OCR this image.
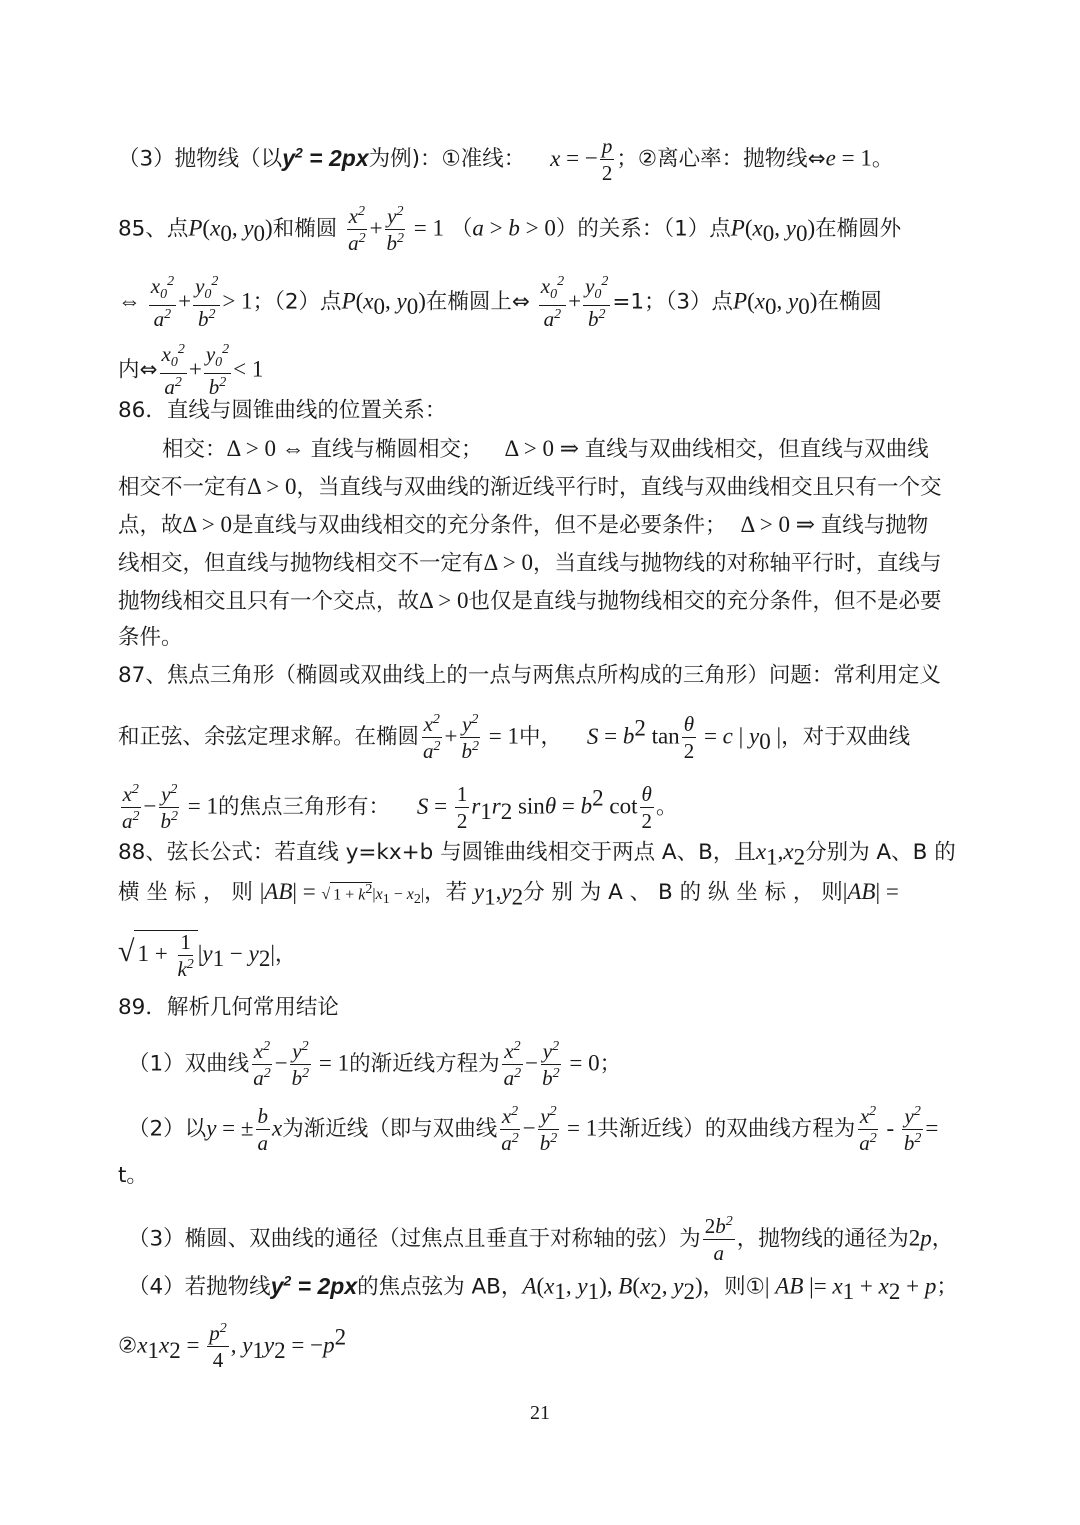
（3）抛物线（以$y^2 = 2px$为例)：①准线： x = − $\frac{p}{2}$ ；②离心率：抛物线⇔e = 1。
85、点$P(x_0$, $y_0$)和椭圆 $\frac{x^2}{a^2} + \frac{y^2}{b^2} = 1$ （a > b > 0）的关系：（1）点$P(x_0$, $y_0$)在椭圆外
⇔ $\frac{x_0^2}{a^2} + \frac{y_0^2}{b^2} > 1$；（2）点$P(x_0$, $y_0$)在椭圆上⇔ $\frac{x_0^2}{a^2} + \frac{y_0^2}{b^2} =1$；（3）点$P(x_0$, $y_0$)在椭圆
内⇔ $\frac{x_0^2}{a^2} + \frac{y_0^2}{b^2} < 1$
86．直线与圆锥曲线的位置关系：
相交：Δ > 0 ⇔ 直线与椭圆相交； Δ > 0 ⇒ 直线与双曲线相交，但直线与双曲线
相交不一定有Δ > 0，当直线与双曲线的渐近线平行时，直线与双曲线相交且只有一个交
点，故Δ > 0是直线与双曲线相交的充分条件，但不是必要条件； Δ > 0 ⇒ 直线与抛物
线相交，但直线与抛物线相交不一定有Δ > 0，当直线与抛物线的对称轴平行时，直线与
抛物线相交且只有一个交点，故Δ > 0也仅是直线与抛物线相交的充分条件，但不是必要
条件。
87、焦点三角形（椭圆或双曲线上的一点与两焦点所构成的三角形）问题：常利用定义
和正弦、余弦定理求解。在椭圆 $\frac{x^2}{a^2} + \frac{y^2}{b^2} = 1$中， $S = b^2$ $\tan \frac{\theta}{2} = c$ | $y_0$ |，对于双曲线
$\frac{x^2}{a^2} - \frac{y^2}{b^2} = 1$的焦点三角形有： $S = \frac{1}{2} r_1r_2$ $\sin\theta = b^2$ $\cot \frac{\theta}{2}$ 。
88、弦长公式：若直线 y=kx+b 与圆锥曲线相交于两点 A、B，且$x_1,x_2$分别为 A、B 的
横 坐 标 ， 则 |AB| = √ $1 + k^2|x_1 - x_2|$，若 $y_1,y_2$分 别 为 A 、 B 的 纵 坐 标 ， 则|AB| =
√ $1 + \frac{1}{k^2} |y_1 - y_2|$，
89．解析几何常用结论
（1）双曲线 $\frac{x^2}{a^2} - \frac{y^2}{b^2} = 1$的渐近线方程为 $\frac{x^2}{a^2} - \frac{y^2}{b^2} = 0$；
（2）以y = ± $\frac{b}{a}$ x为渐近线（即与双曲线 $\frac{x^2}{a^2} - \frac{y^2}{b^2} = 1$共渐近线）的双曲线方程为 $\frac{x^2}{a^2} - \frac{y^2}{b^2}$ =
t。
（3）椭圆、双曲线的通径（过焦点且垂直于对称轴的弦）为 $\frac{2b^2}{a}$ ，抛物线的通径为2p，
（4）若抛物线$y^2 = 2px$的焦点弦为 AB，$A(x_1$, $y_1$), $B(x_2$, $y_2$)，则①| AB |= $x_1 + x_2 + p$；
$②x_1x_2 = \frac{p^2}{4}$ , $y_1y_2 = -p^2$
21
